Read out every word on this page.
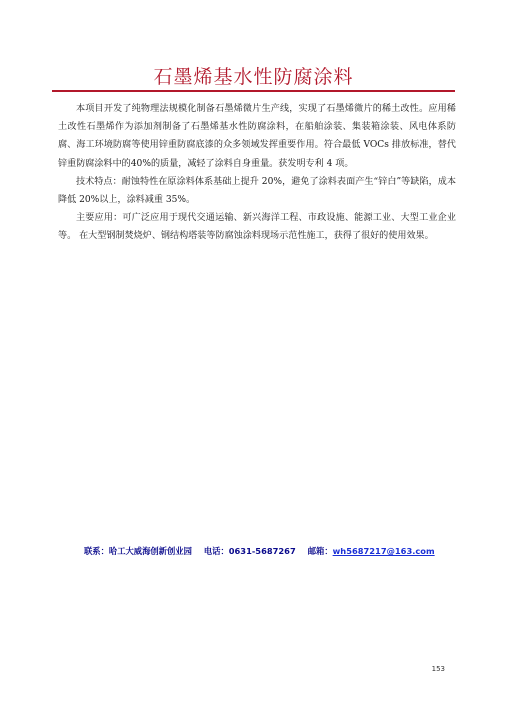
石墨烯基水性防腐涂料

本项目开发了纯物理法规模化制备石墨烯微片生产线，实现了石墨烯微片的稀土改性。应用稀土改性石墨烯作为添加剂制备了石墨烯基水性防腐涂料，在船舶涂装、集装箱涂装、风电体系防腐、海工环境防腐等使用锌重防腐底漆的众多领域发挥重要作用。符合最低 VOCs 排放标准，替代锌重防腐涂料中的40%的质量，减轻了涂料自身重量。获发明专利 4 项。

技术特点：耐蚀特性在原涂料体系基础上提升 20%，避免了涂料表面产生“锌白”等缺陷，成本降低 20%以上，涂料减重 35%。

主要应用：可广泛应用于现代交通运输、新兴海洋工程、市政设施、能源工业、大型工业企业等。 在大型钢制焚烧炉、钢结构塔装等防腐蚀涂料现场示范性施工，获得了很好的使用效果。

联系：哈工大威海创新创业园 电话：0631-5687267 邮箱：wh5687217@163.com
153
